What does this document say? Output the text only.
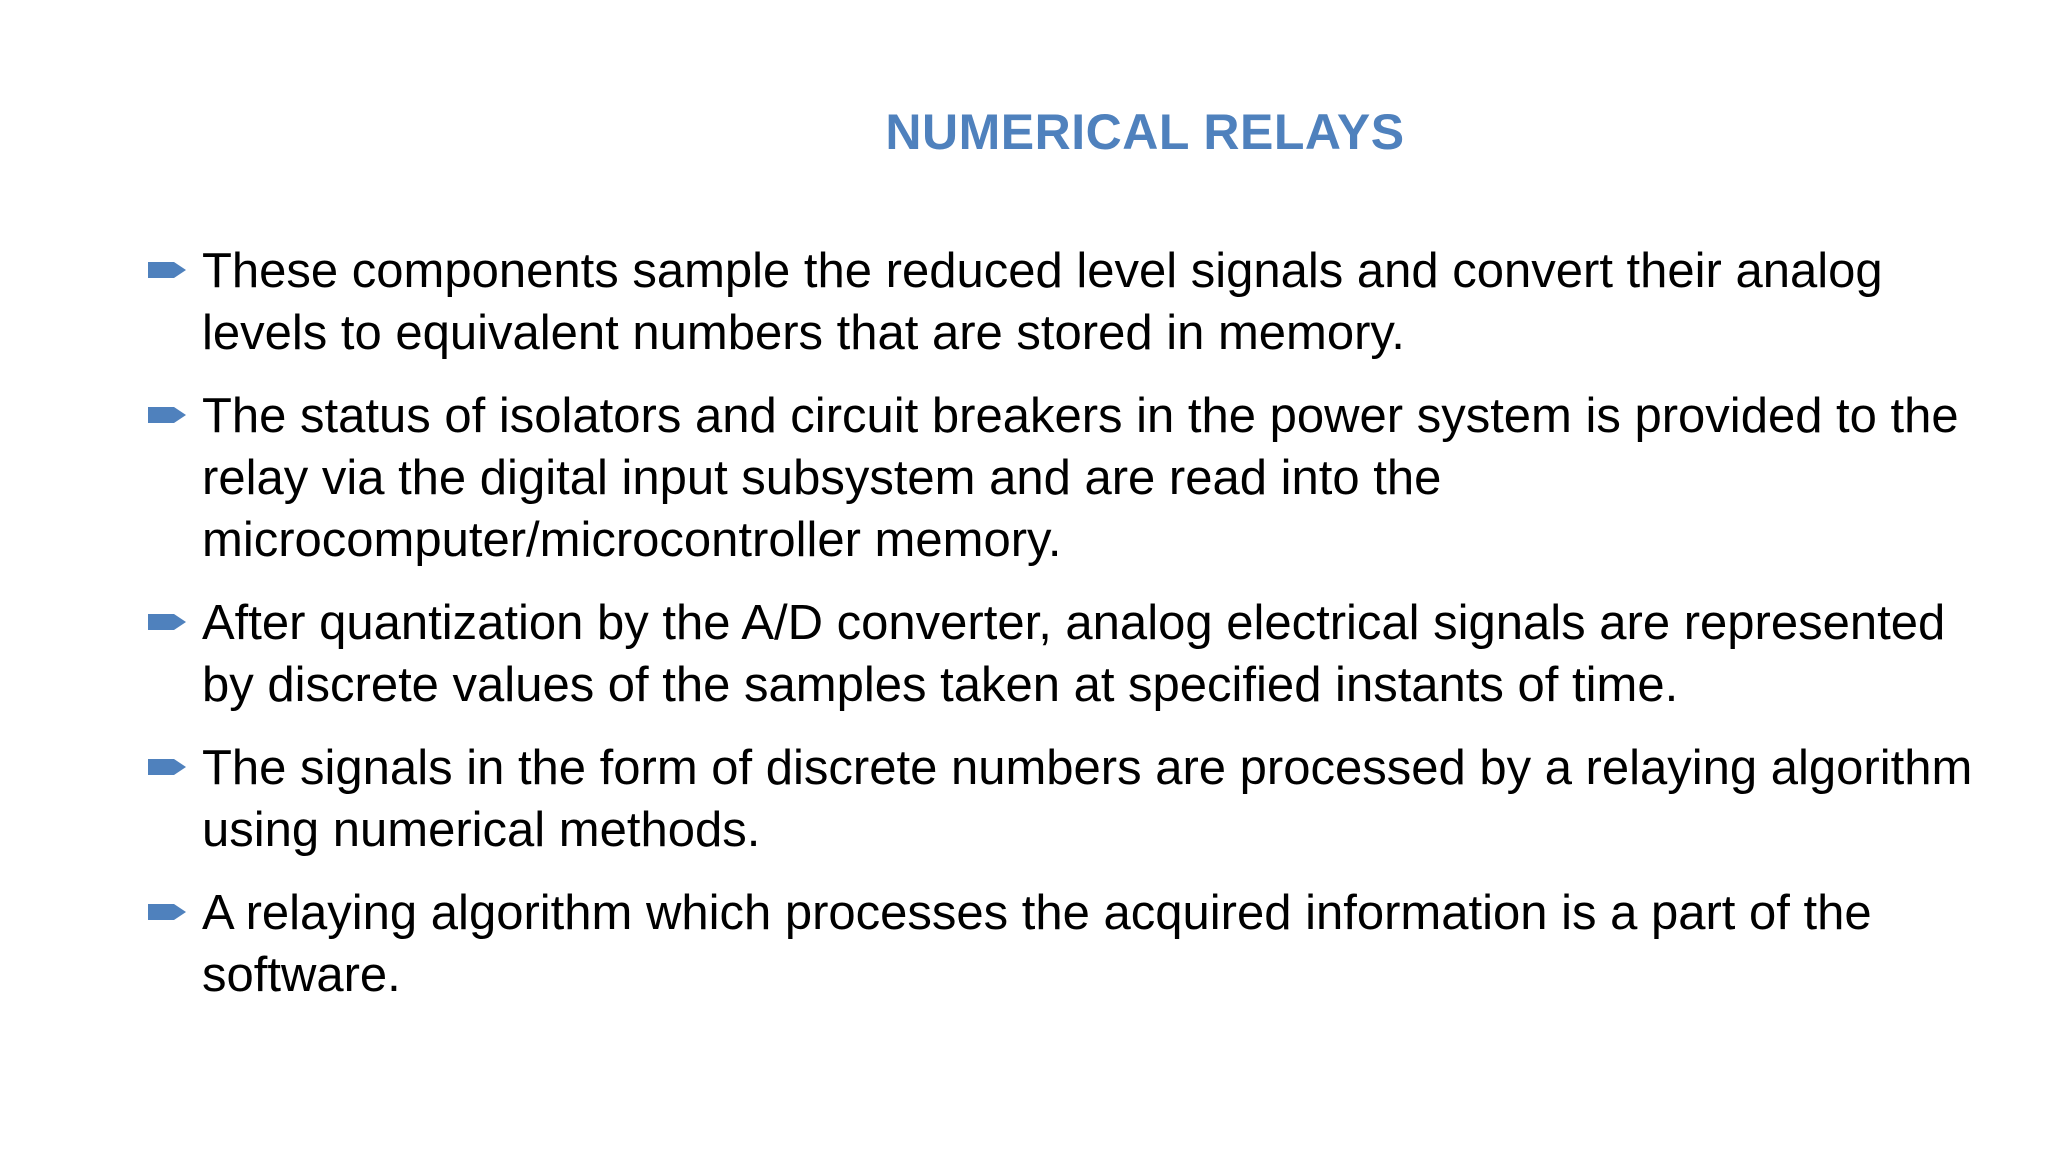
NUMERICAL RELAYS
These components sample the reduced level signals and convert their analog levels to equivalent numbers that are stored in memory.
The status of isolators and circuit breakers in the power system is provided to the relay via the digital input subsystem and are read into the microcomputer/microcontroller memory.
After quantization by the A/D converter, analog electrical signals are represented by discrete values of the samples taken at specified instants of time.
The signals in the form of discrete numbers are processed by a relaying algorithm using numerical methods.
A relaying algorithm which processes the acquired information is a part of the software.
